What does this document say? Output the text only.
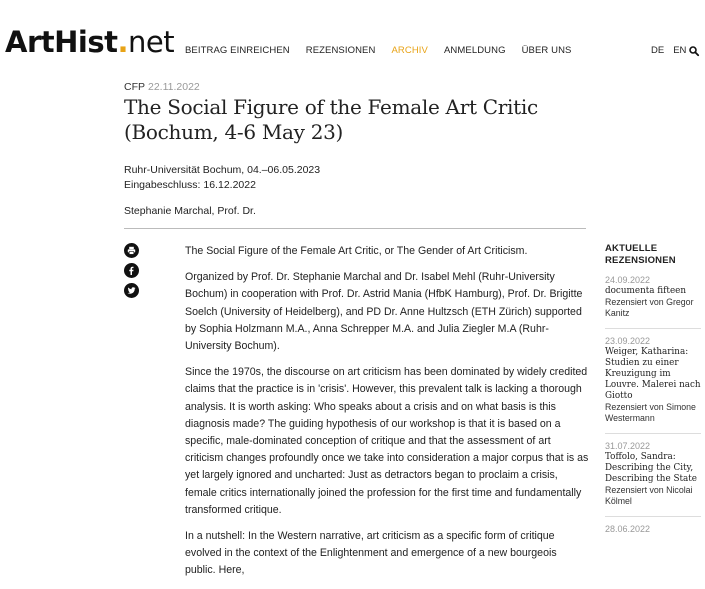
ArtHist.net BEITRAG EINREICHEN REZENSIONEN ARCHIV ANMELDUNG ÜBER UNS	DE EN
CFP 22.11.2022
The Social Figure of the Female Art Critic (Bochum, 4-6 May 23)
Ruhr-Universität Bochum, 04.–06.05.2023
Eingabeschluss: 16.12.2022
Stephanie Marchal, Prof. Dr.

The Social Figure of the Female Art Critic, or The Gender of Art Criticism.

Organized by Prof. Dr. Stephanie Marchal and Dr. Isabel Mehl (Ruhr-University Bochum) in cooperation with Prof. Dr. Astrid Mania (HfbK Hamburg), Prof. Dr. Brigitte Soelch (University of Heidelberg), and PD Dr. Anne Hultzsch (ETH Zürich) supported by Sophia Holzmann M.A., Anna Schrepper M.A. and Julia Ziegler M.A (Ruhr-University Bochum).

Since the 1970s, the discourse on art criticism has been dominated by widely credited claims that the practice is in 'crisis'. However, this prevalent talk is lacking a thorough analysis. It is worth asking: Who speaks about a crisis and on what basis is this diagnosis made? The guiding hypothesis of our workshop is that it is based on a specific, male-dominated conception of critique and that the assessment of art criticism changes profoundly once we take into consideration a major corpus that is as yet largely ignored and uncharted: Just as detractors began to proclaim a crisis, female critics internationally joined the profession for the first time and fundamentally transformed critique.

In a nutshell: In the Western narrative, art criticism as a specific form of critique evolved in the context of the Enlightenment and emergence of a new bourgeois public. Here,

AKTUELLE REZENSIONEN
24.09.2022
documenta fifteen
Rezensiert von Gregor Kanitz
23.09.2022
Weiger, Katharina: Studien zu einer Kreuzigung im Louvre. Malerei nach Giotto
Rezensiert von Simone Westermann
31.07.2022
Toffolo, Sandra: Describing the City, Describing the State
Rezensiert von Nicolai Kölmel
28.06.2022
